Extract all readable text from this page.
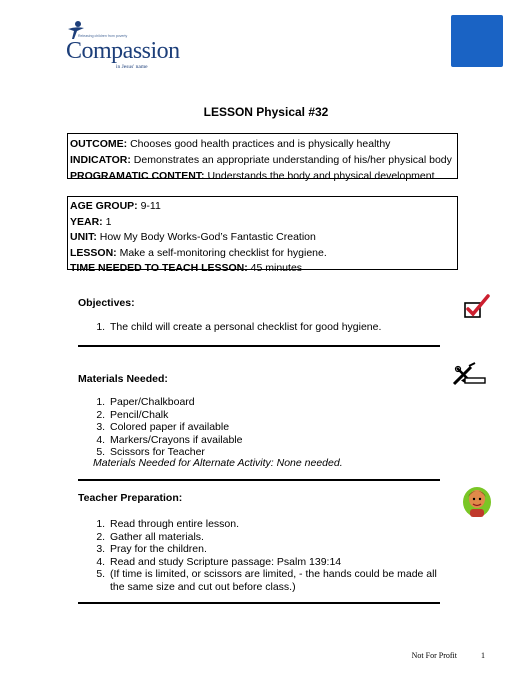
Releasing children from poverty
Compassion
in Jesus' name
LESSON Physical #32
OUTCOME: Chooses good health practices and is physically healthy
INDICATOR: Demonstrates an appropriate understanding of his/her physical body
PROGRAMATIC CONTENT: Understands the body and physical development
AGE GROUP: 9-11
YEAR: 1
UNIT: How My Body Works-God’s Fantastic Creation
LESSON: Make a self-monitoring checklist for hygiene.
TIME NEEDED TO TEACH LESSON: 45 minutes
Objectives:
1. The child will create a personal checklist for good hygiene.
Materials Needed:
1. Paper/Chalkboard
2. Pencil/Chalk
3. Colored paper if available
4. Markers/Crayons if available
5. Scissors for Teacher
Materials Needed for Alternate Activity: None needed.
Teacher Preparation:
1. Read through entire lesson.
2. Gather all materials.
3. Pray for the children.
4. Read and study Scripture passage: Psalm 139:14
5. (If time is limited, or scissors are limited, - the hands could be made all the same size and cut out before class.)
Not For Profit	1
